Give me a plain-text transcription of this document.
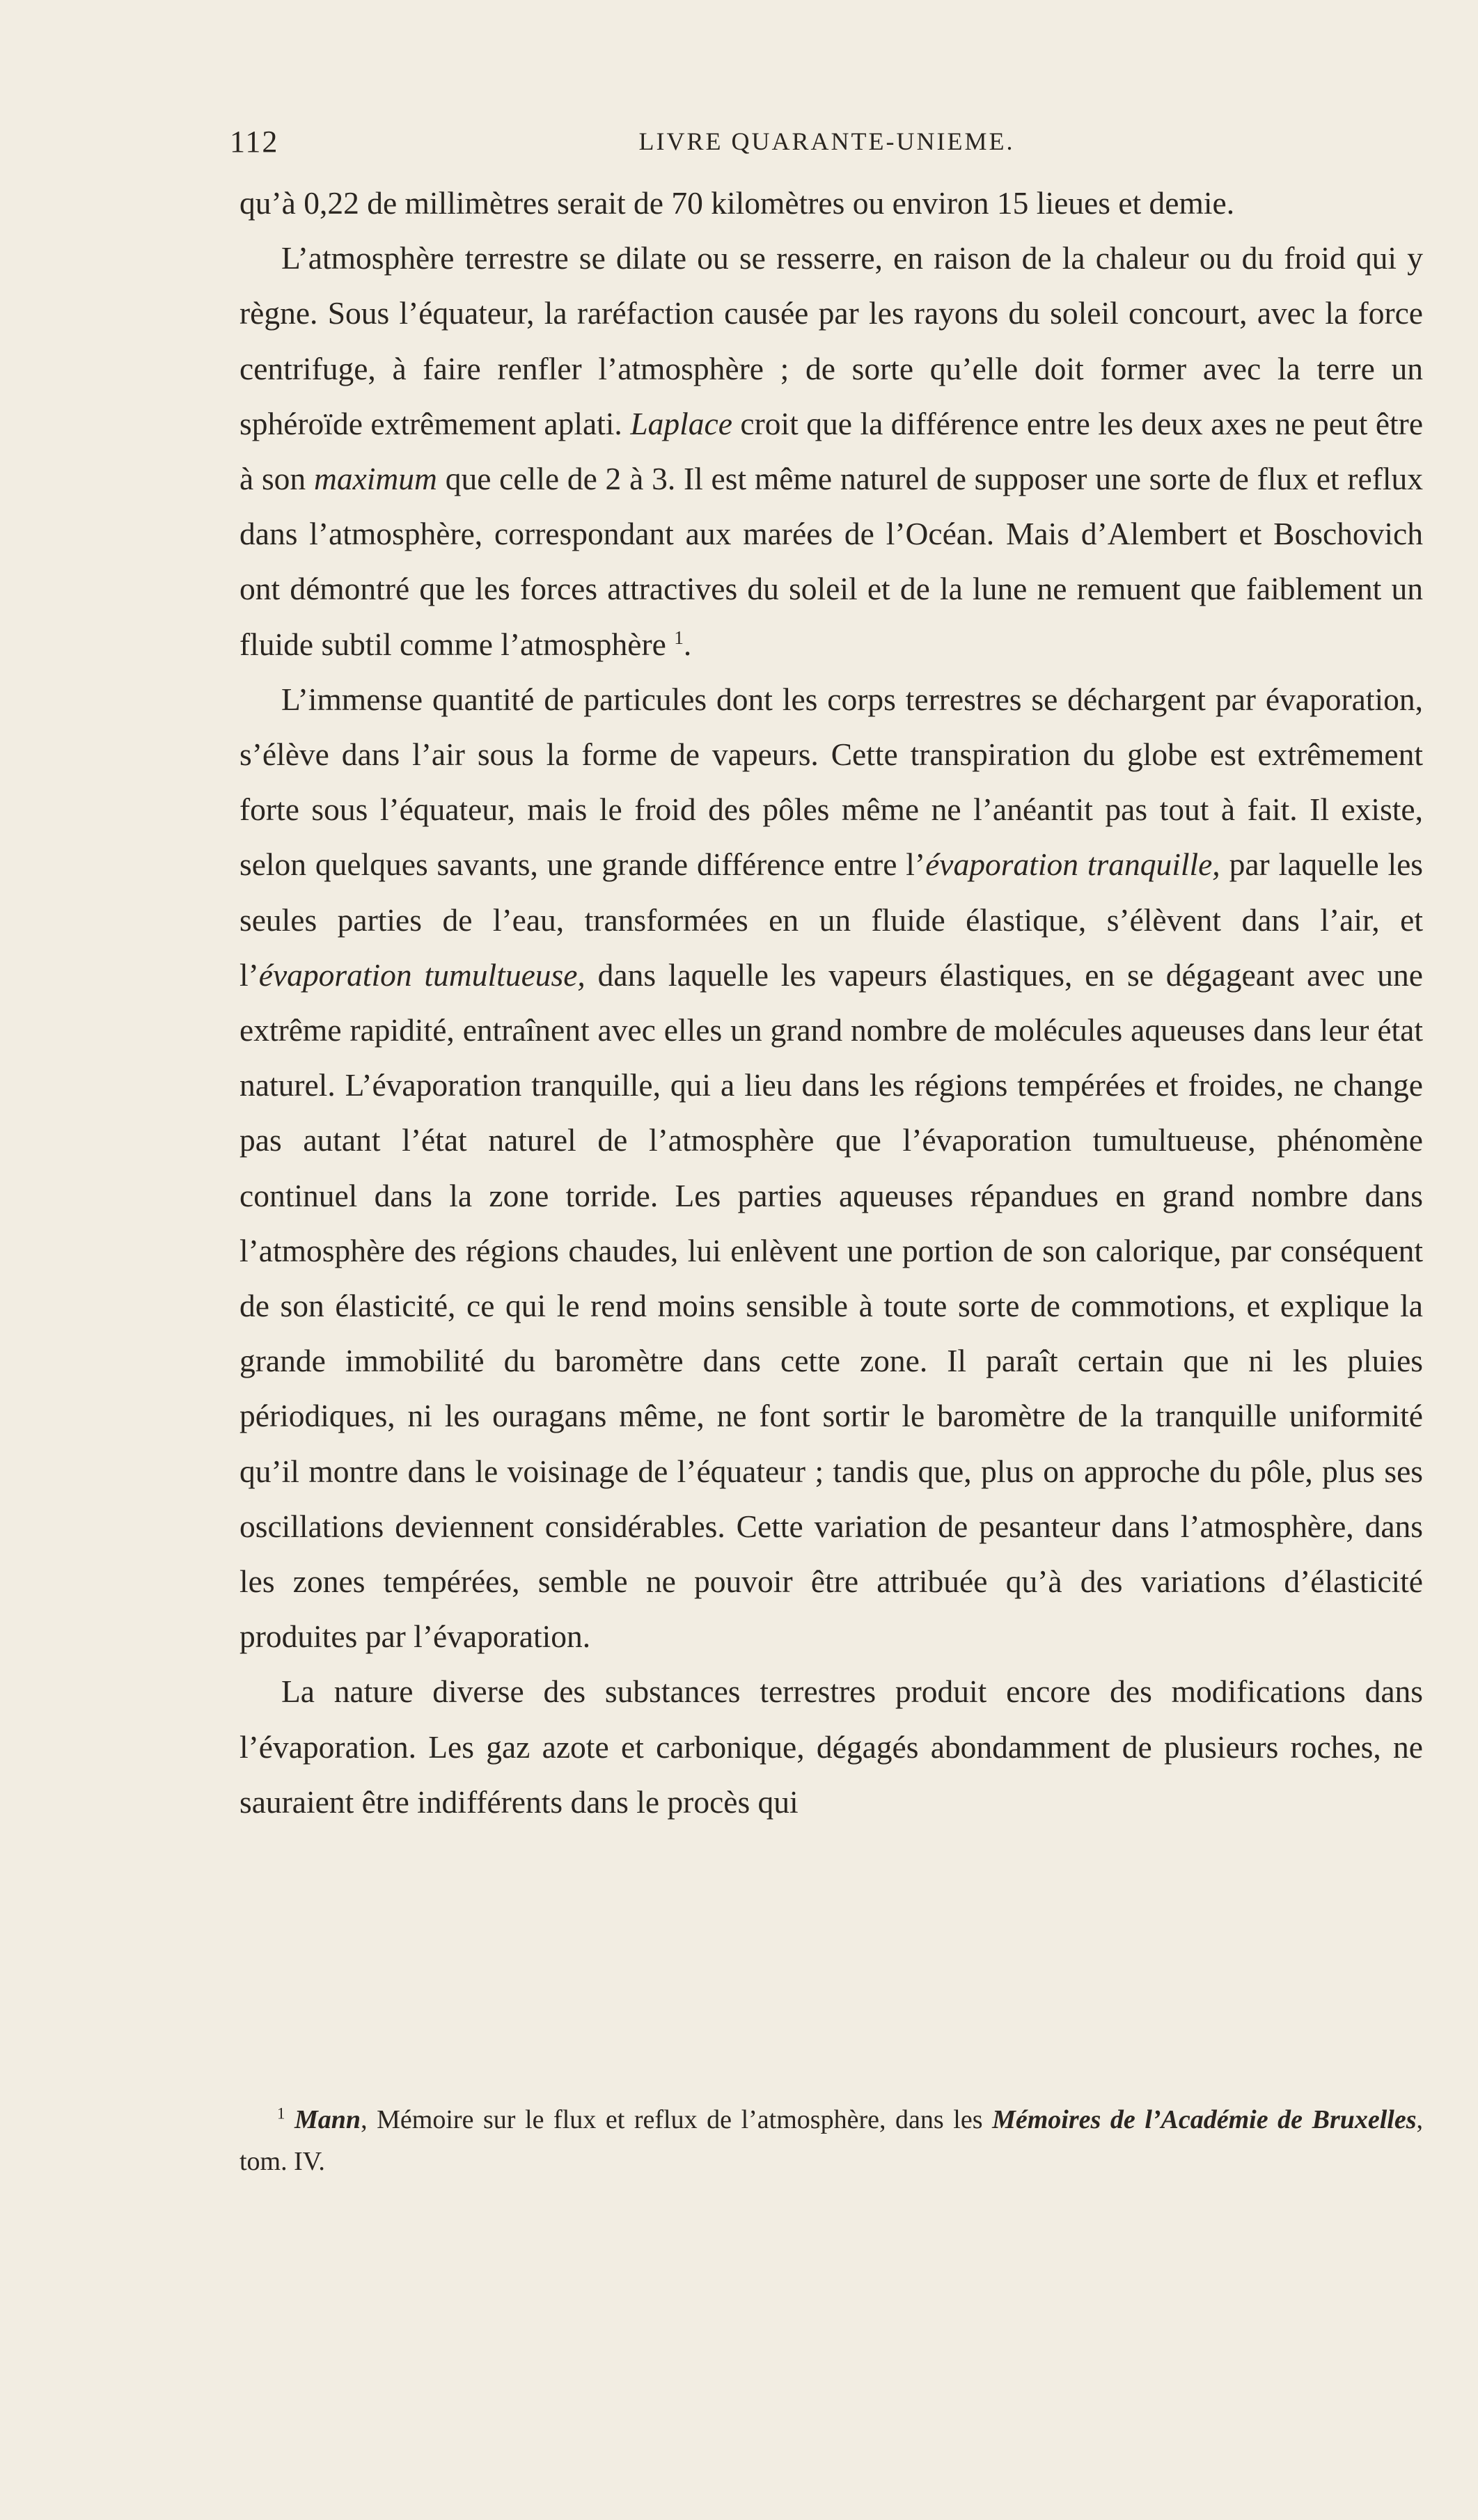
112	LIVRE QUARANTE-UNIEME.

qu’à 0,22 de millimètres serait de 70 kilomètres ou environ 15 lieues et demie.

L’atmosphère terrestre se dilate ou se resserre, en raison de la chaleur ou du froid qui y règne. Sous l’équateur, la raréfaction causée par les rayons du soleil concourt, avec la force centrifuge, à faire renfler l’atmosphère ; de sorte qu’elle doit former avec la terre un sphéroïde extrêmement aplati. Laplace croit que la différence entre les deux axes ne peut être à son maximum que celle de 2 à 3. Il est même naturel de supposer une sorte de flux et reflux dans l’atmosphère, correspondant aux marées de l’Océan. Mais d’Alembert et Boschovich ont démontré que les forces attractives du soleil et de la lune ne remuent que faiblement un fluide subtil comme l’atmosphère $^1$.

L’immense quantité de particules dont les corps terrestres se déchargent par évaporation, s’élève dans l’air sous la forme de vapeurs. Cette transpiration du globe est extrêmement forte sous l’équateur, mais le froid des pôles même ne l’anéantit pas tout à fait. Il existe, selon quelques savants, une grande différence entre l’évaporation tranquille, par laquelle les seules parties de l’eau, transformées en un fluide élastique, s’élèvent dans l’air, et l’évaporation tumultueuse, dans laquelle les vapeurs élastiques, en se dégageant avec une extrême rapidité, entraînent avec elles un grand nombre de molécules aqueuses dans leur état naturel. L’évaporation tranquille, qui a lieu dans les régions tempérées et froides, ne change pas autant l’état naturel de l’atmosphère que l’évaporation tumultueuse, phénomène continuel dans la zone torride. Les parties aqueuses répandues en grand nombre dans l’atmosphère des régions chaudes, lui enlèvent une portion de son calorique, par conséquent de son élasticité, ce qui le rend moins sensible à toute sorte de commotions, et explique la grande immobilité du baromètre dans cette zone. Il paraît certain que ni les pluies périodiques, ni les ouragans même, ne font sortir le baromètre de la tranquille uniformité qu’il montre dans le voisinage de l’équateur ; tandis que, plus on approche du pôle, plus ses oscillations deviennent considérables. Cette variation de pesanteur dans l’atmosphère, dans les zones tempérées, semble ne pouvoir être attribuée qu’à des variations d’élasticité produites par l’évaporation.

La nature diverse des substances terrestres produit encore des modifications dans l’évaporation. Les gaz azote et carbonique, dégagés abondamment de plusieurs roches, ne sauraient être indifférents dans le procès qui

$^1$ Mann, Mémoire sur le flux et reflux de l’atmosphère, dans les Mémoires de l’Académie de Bruxelles, tom. IV.
